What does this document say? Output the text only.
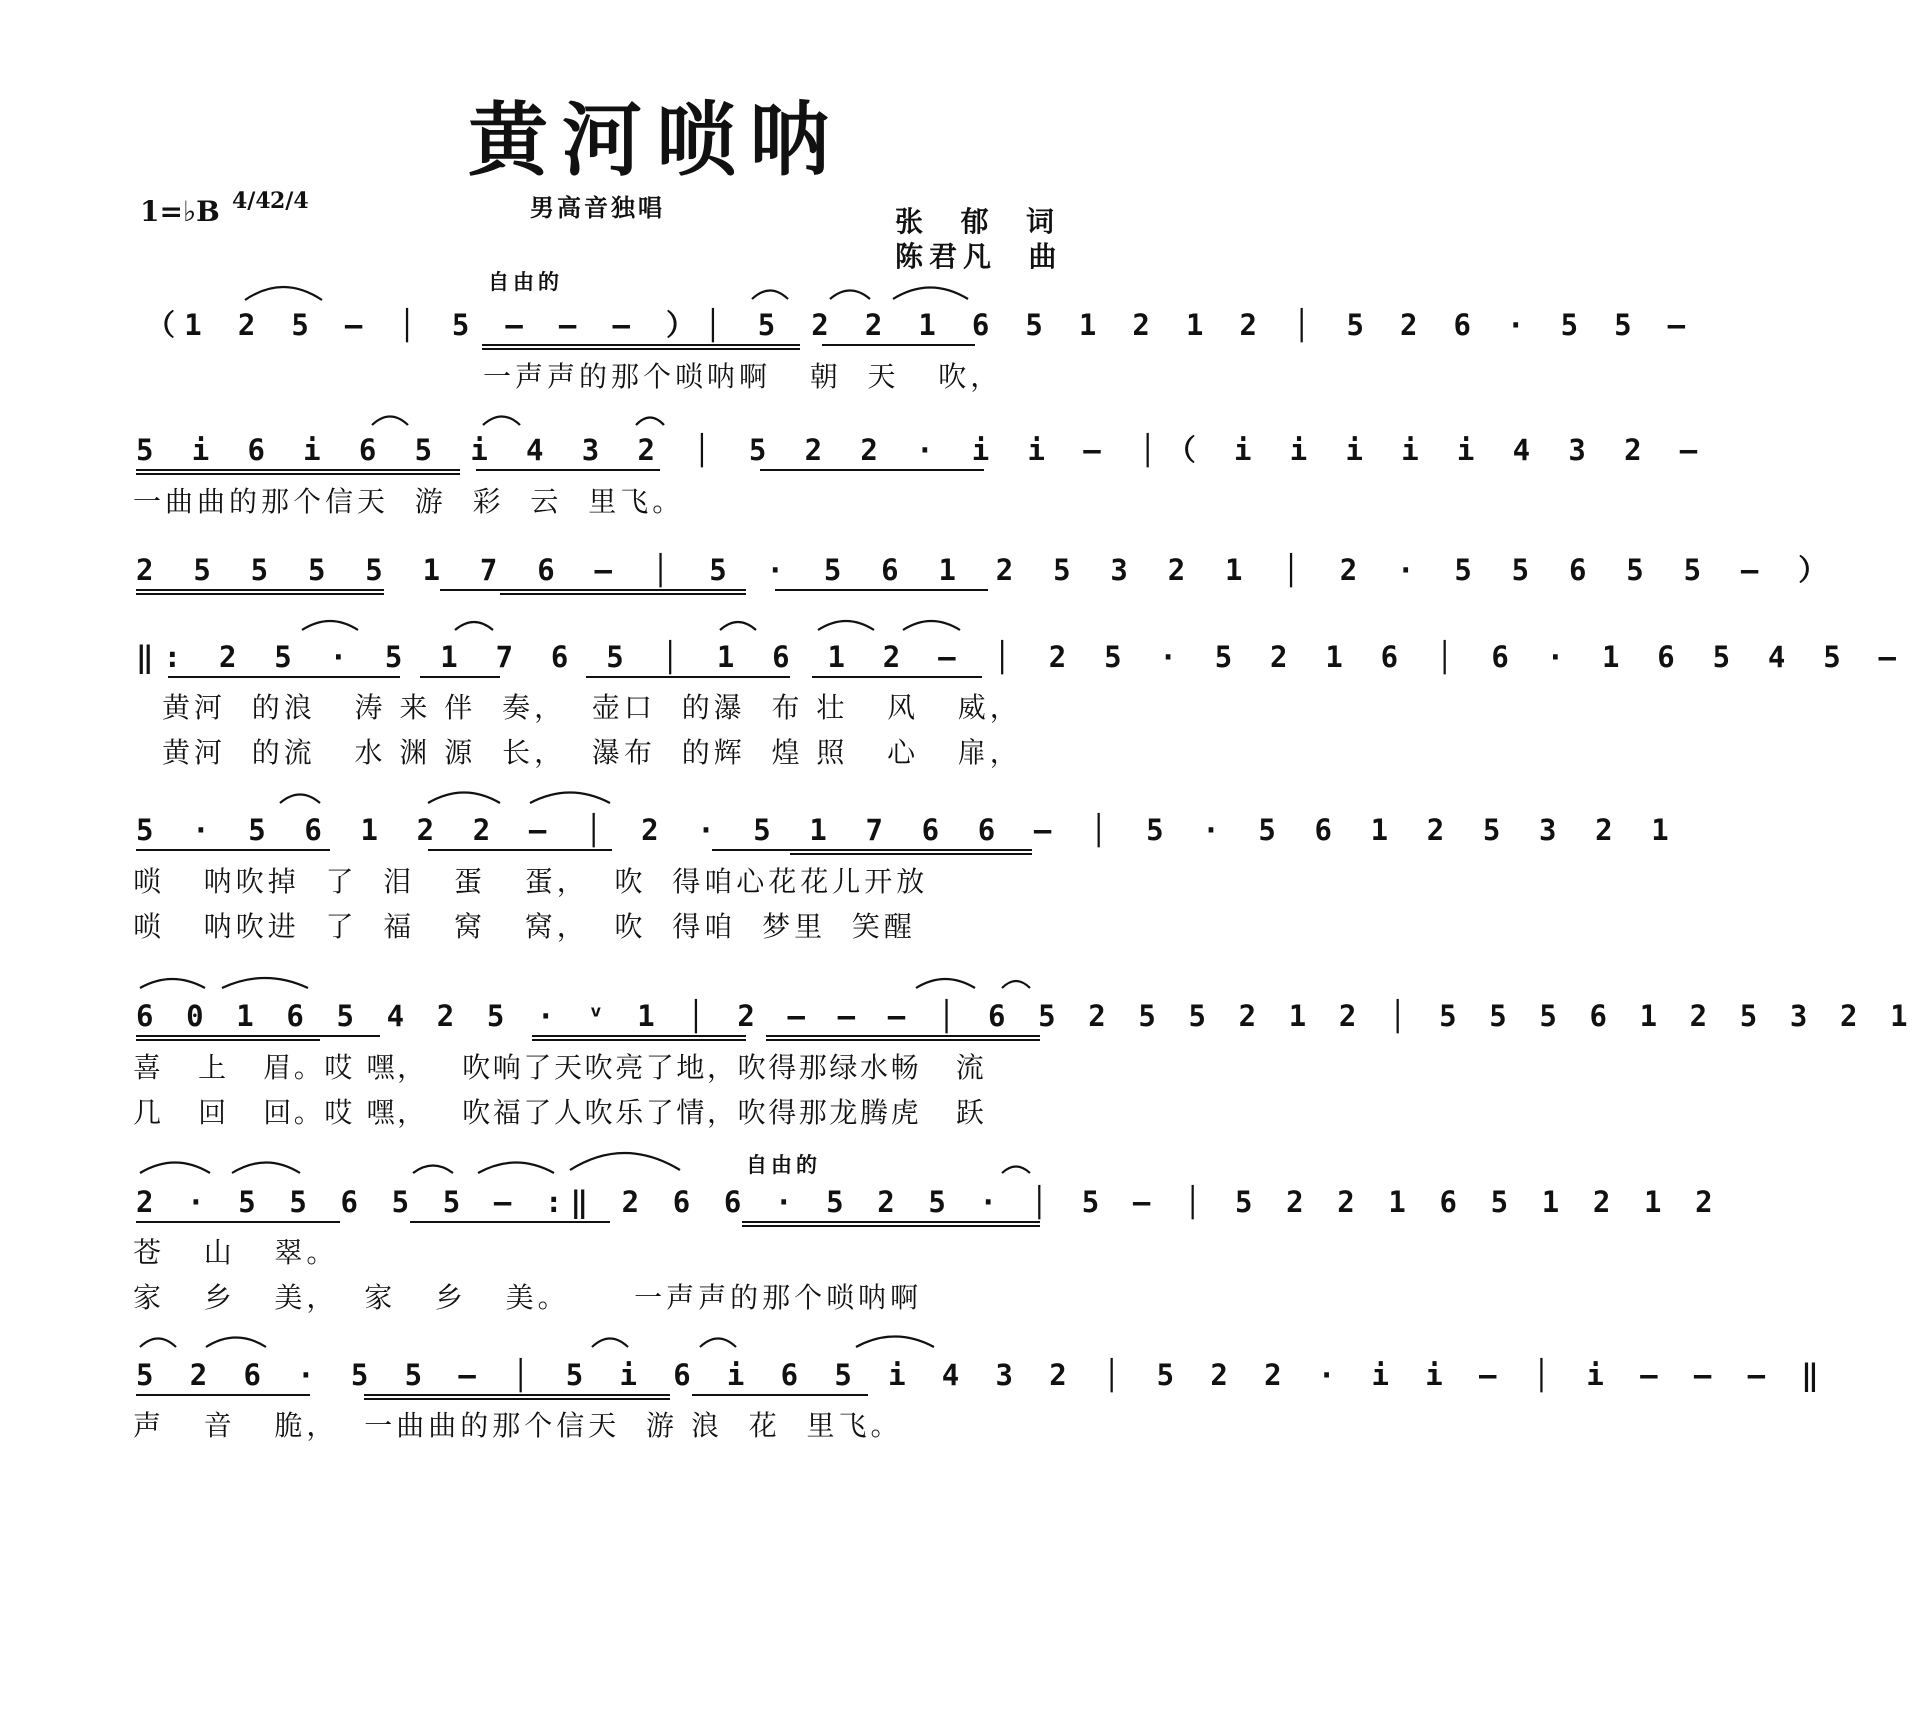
黄河唢呐
1=♭B 4/4 2/4	男高音独唱	张  郁  词
陈君凡  曲
自由的
自由的
（1 2 5 – │ 5 – – – ）│ 5 2 2 1 6 5 1 2 1 2 │ 5 2 6 · 5 5 –
一声声的那个唢呐啊   朝  天   吹，
5 i 6 i 6 5 i 4 3 2 │ 5 2 2 · i i – │（ i i i i i 4 3 2 –
一曲曲的那个信天  游  彩  云  里飞。
2 5 5 5 5 1 7 6 – │ 5 · 5 6 1 2 5 3 2 1 │ 2 · 5 5 6 5 5 – ）
‖: 2 5 · 5 1 7 6 5 │ 1 6 1 2 – │ 2 5 · 5 2 1 6 │ 6 · 1 6 5 4 5 –
黄河  的浪   涛 来 伴  奏，  壶口  的瀑  布 壮   风   威，
黄河  的流   水 渊 源  长，  瀑布  的辉  煌 照   心   扉，
5 · 5 6 1 2 2 – │ 2 · 5 1 7 6 6 – │ 5 · 5 6 1 2 5 3 2 1
唢   呐吹掉  了  泪   蛋   蛋，  吹  得咱心花花儿开放
唢   呐吹进  了  福   窝   窝，  吹  得咱  梦里  笑醒
6 0 1 6 5 4 2 5 · ᵛ 1 │ 2 – – – │ 6 5 2 5 5 2 1 2 │ 5 5 5 6 1 2 5 3 2 1
喜   上   眉。哎 嘿，   吹响了天吹亮了地，吹得那绿水畅   流
几   回   回。哎 嘿，   吹福了人吹乐了情，吹得那龙腾虎   跃
2 · 5 5 6 5 5 – :‖ 2 6 6 · 5 2 5 · │ 5 – │ 5 2 2 1 6 5 1 2 1 2
苍   山   翠。
家   乡   美，  家   乡   美。     一声声的那个唢呐啊
5 2 6 · 5 5 – │ 5 i 6 i 6 5 i 4 3 2 │ 5 2 2 · i i – │ i – – – ‖
声   音   脆，  一曲曲的那个信天  游 浪  花  里飞。
